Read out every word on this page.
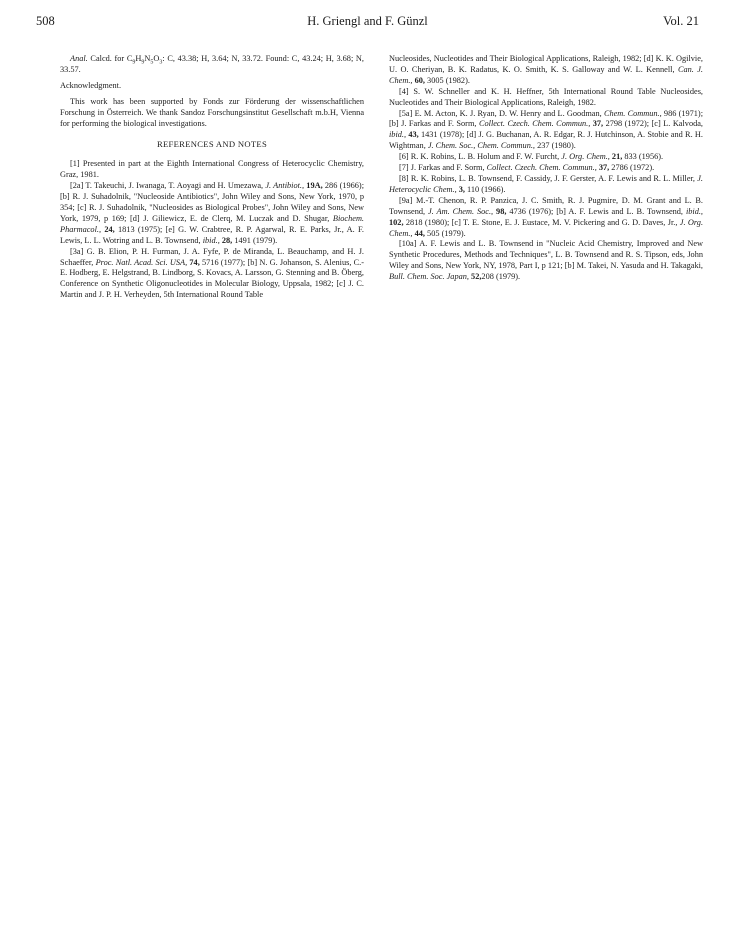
508	H. Griengl and F. Günzl	Vol. 21

Anal. Calcd. for $C_9H_9N_5O_3$: C, 43.38; H, 3.64; N, 33.72. Found: C, 43.24; H, 3.68; N, 33.57.

Acknowledgment.

This work has been supported by Fonds zur Förderung der wissenschaftlichen Forschung in Österreich. We thank Sandoz Forschungsinstitut Gesellschaft m.b.H, Vienna for performing the biological investigations.

REFERENCES AND NOTES

[1] Presented in part at the Eighth International Congress of Heterocyclic Chemistry, Graz, 1981.

[2a] T. Takeuchi, J. Iwanaga, T. Aoyagi and H. Umezawa, J. Antibiot., 19A, 286 (1966); [b] R. J. Suhadolnik, "Nucleoside Antibiotics", John Wiley and Sons, New York, 1970, p 354; [c] R. J. Suhadolnik, "Nucleosides as Biological Probes", John Wiley and Sons, New York, 1979, p 169; [d] J. Giliewicz, E. de Clerq, M. Luczak and D. Shugar, Biochem. Pharmacol., 24, 1813 (1975); [e] G. W. Crabtree, R. P. Agarwal, R. E. Parks, Jr., A. F. Lewis, L. L. Wotring and L. B. Townsend, ibid., 28, 1491 (1979).

[3a] G. B. Elion, P. H. Furman, J. A. Fyfe, P. de Miranda, L. Beauchamp, and H. J. Schaeffer, Proc. Natl. Acad. Sci. USA, 74, 5716 (1977); [b] N. G. Johanson, S. Alenius, C.-E. Hodberg, E. Helgstrand, B. Lindborg, S. Kovacs, A. Larsson, G. Stenning and B. Öberg, Conference on Synthetic Oligonucleotides in Molecular Biology, Uppsala, 1982; [c] J. C. Martin and J. P. H. Verheyden, 5th International Round Table

Nucleosides, Nucleotides and Their Biological Applications, Raleigh, 1982; [d] K. K. Ogilvie, U. O. Cheriyan, B. K. Radatus, K. O. Smith, K. S. Galloway and W. L. Kennell, Can. J. Chem., 60, 3005 (1982).

[4] S. W. Schneller and K. H. Heffner, 5th International Round Table Nucleosides, Nucleotides and Their Biological Applications, Raleigh, 1982.

[5a] E. M. Acton, K. J. Ryan, D. W. Henry and L. Goodman, Chem. Commun., 986 (1971); [b] J. Farkas and F. Sorm, Collect. Czech. Chem. Commun., 37, 2798 (1972); [c] L. Kalvoda, ibid., 43, 1431 (1978); [d] J. G. Buchanan, A. R. Edgar, R. J. Hutchinson, A. Stobie and R. H. Wightman, J. Chem. Soc., Chem. Commun., 237 (1980).

[6] R. K. Robins, L. B. Holum and F. W. Furcht, J. Org. Chem., 21, 833 (1956).

[7] J. Farkas and F. Sorm, Collect. Czech. Chem. Commun., 37, 2786 (1972).

[8] R. K. Robins, L. B. Townsend, F. Cassidy, J. F. Gerster, A. F. Lewis and R. L. Miller, J. Heterocyclic Chem., 3, 110 (1966).

[9a] M.-T. Chenon, R. P. Panzica, J. C. Smith, R. J. Pugmire, D. M. Grant and L. B. Townsend, J. Am. Chem. Soc., 98, 4736 (1976); [b] A. F. Lewis and L. B. Townsend, ibid., 102, 2818 (1980); [c] T. E. Stone, E. J. Eustace, M. V. Pickering and G. D. Daves, Jr., J. Org. Chem., 44, 505 (1979).

[10a] A. F. Lewis and L. B. Townsend in "Nucleic Acid Chemistry, Improved and New Synthetic Procedures, Methods and Techniques", L. B. Townsend and R. S. Tipson, eds, John Wiley and Sons, New York, NY, 1978, Part I, p 121; [b] M. Takei, N. Yasuda and H. Takagaki, Bull. Chem. Soc. Japan, 52,208 (1979).
